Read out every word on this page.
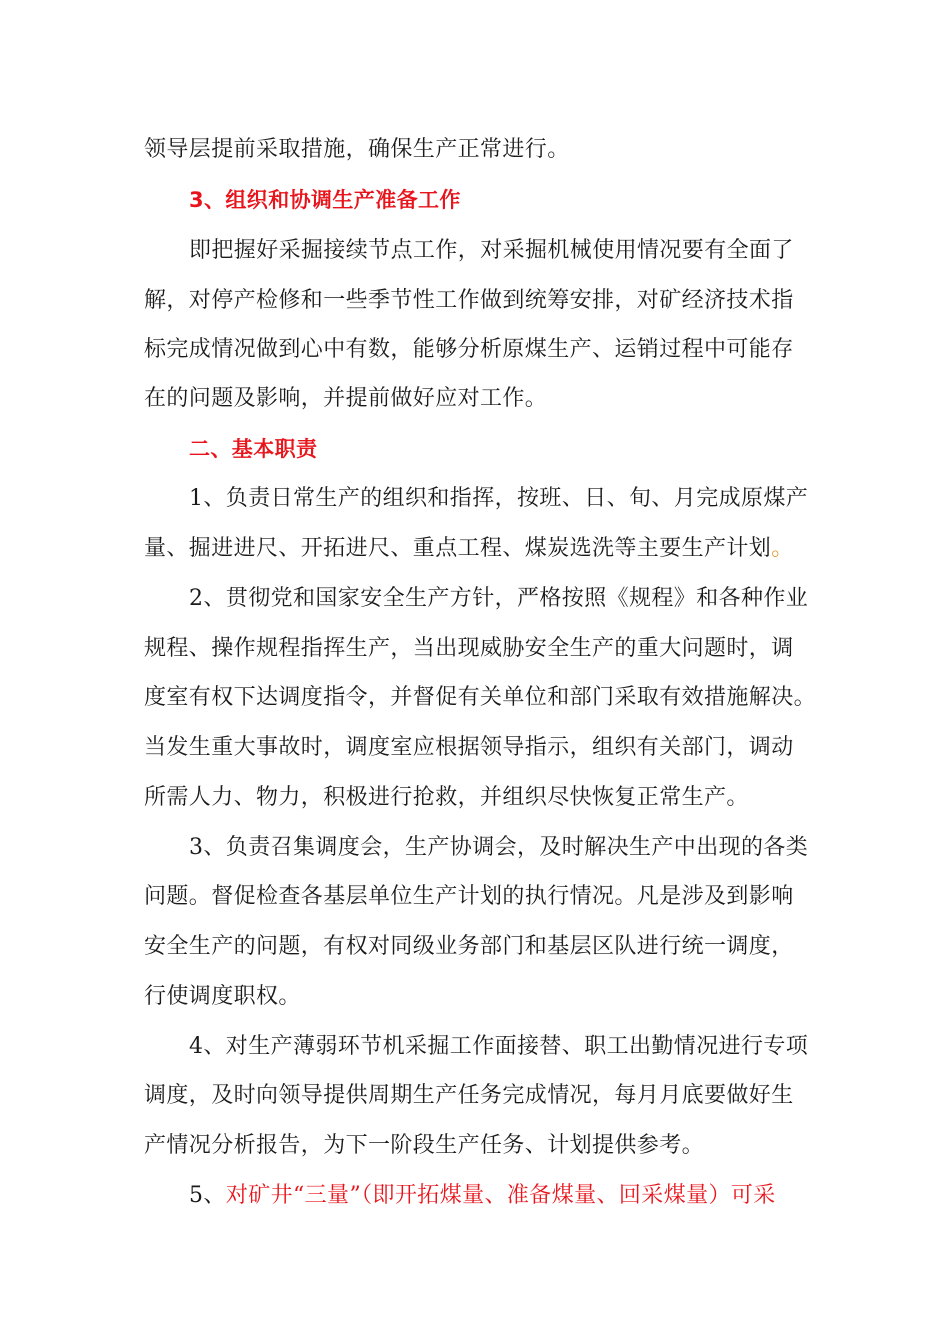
领导层提前采取措施，确保生产正常进行。
3、组织和协调生产准备工作
即把握好采掘接续节点工作，对采掘机械使用情况要有全面了
解，对停产检修和一些季节性工作做到统筹安排，对矿经济技术指
标完成情况做到心中有数，能够分析原煤生产、运销过程中可能存
在的问题及影响，并提前做好应对工作。
二、基本职责
1、负责日常生产的组织和指挥，按班、日、旬、月完成原煤产
量、掘进进尺、开拓进尺、重点工程、煤炭选洗等主要生产计划。
2、贯彻党和国家安全生产方针，严格按照《规程》和各种作业
规程、操作规程指挥生产，当出现威胁安全生产的重大问题时，调
度室有权下达调度指令，并督促有关单位和部门采取有效措施解决。
当发生重大事故时，调度室应根据领导指示，组织有关部门，调动
所需人力、物力，积极进行抢救，并组织尽快恢复正常生产。
3、负责召集调度会，生产协调会，及时解决生产中出现的各类
问题。督促检查各基层单位生产计划的执行情况。凡是涉及到影响
安全生产的问题，有权对同级业务部门和基层区队进行统一调度，
行使调度职权。
4、对生产薄弱环节机采掘工作面接替、职工出勤情况进行专项
调度，及时向领导提供周期生产任务完成情况，每月月底要做好生
产情况分析报告，为下一阶段生产任务、计划提供参考。
5、对矿井“三量”（即开拓煤量、准备煤量、回采煤量）可采
